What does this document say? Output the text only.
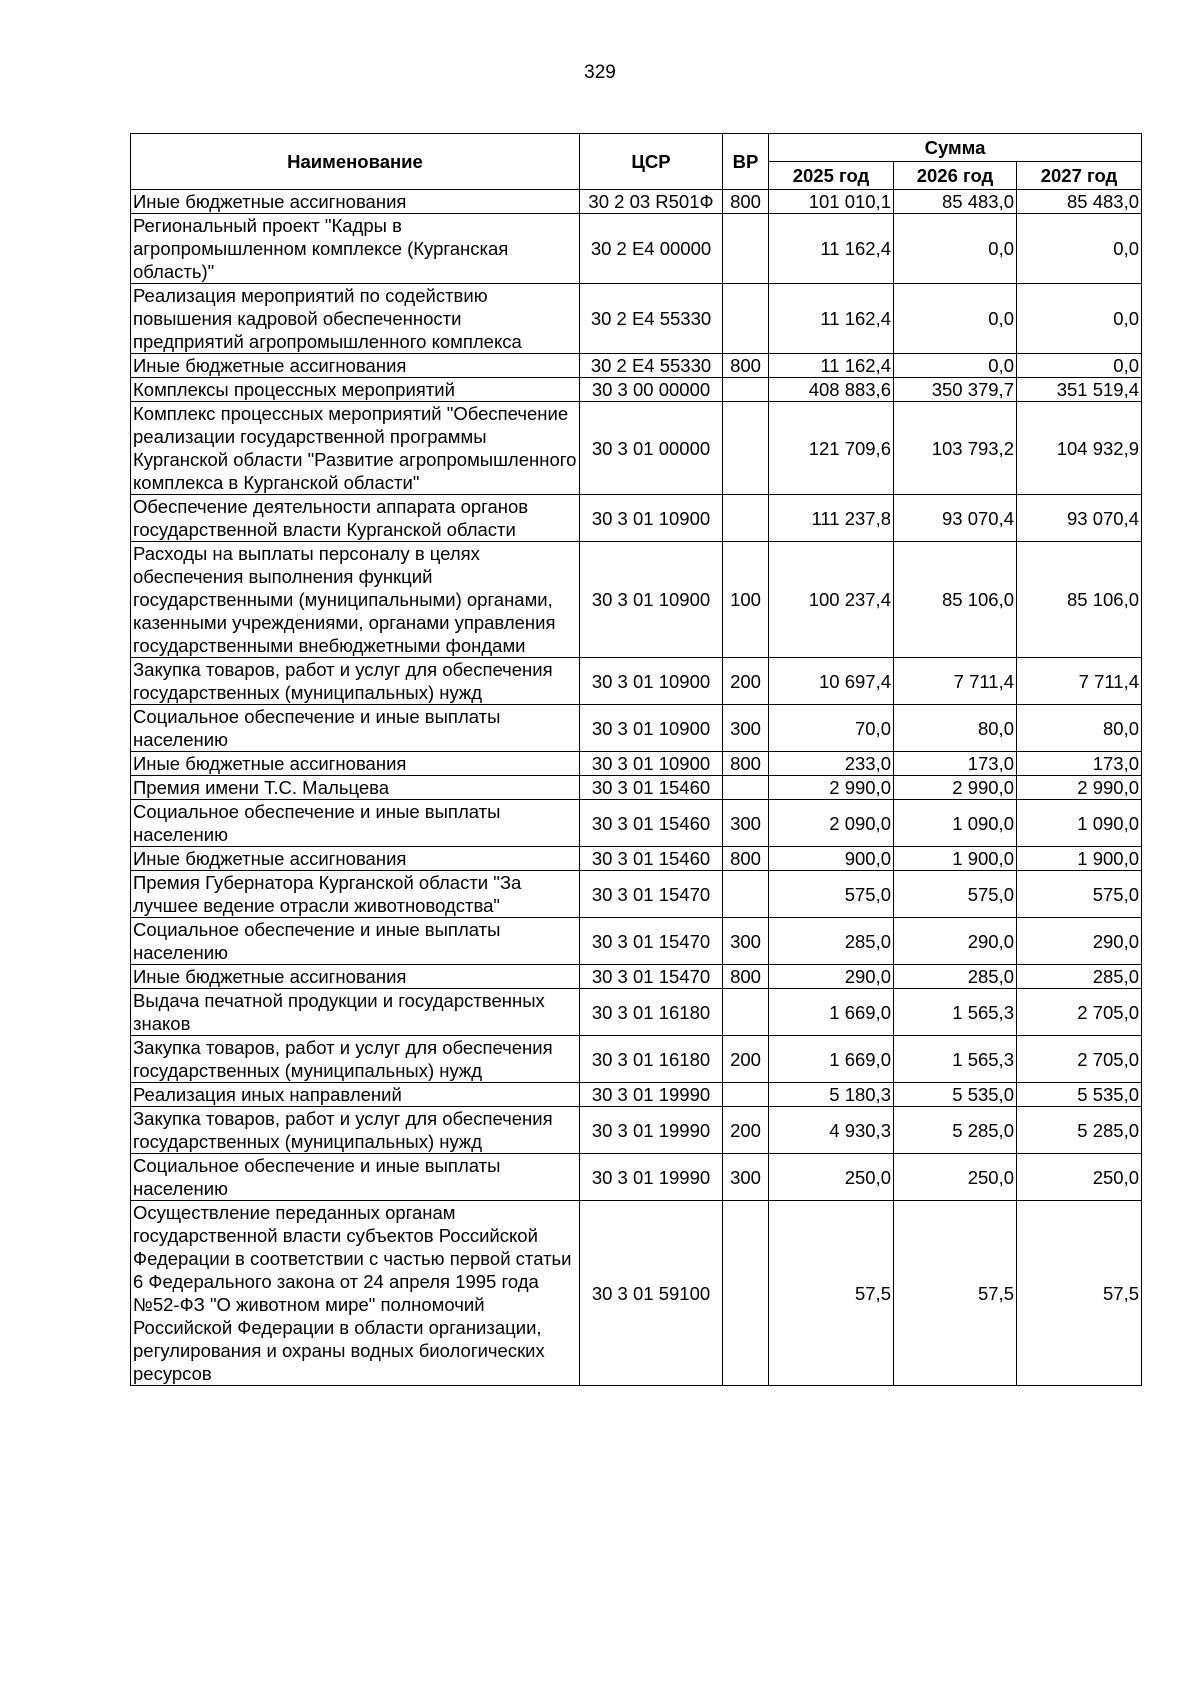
329
Наименование	ЦСР	ВР	Сумма		
			2025 год	2026 год	2027 год
Иные бюджетные ассигнования	30 2 03 R501Ф	800	101 010,1	85 483,0	85 483,0
Региональный проект "Кадры в агропромышленном комплексе (Курганская область)"	30 2 Е4 00000		11 162,4	0,0	0,0
Реализация мероприятий по содействию повышения кадровой обеспеченности предприятий агропромышленного комплекса	30 2 Е4 55330		11 162,4	0,0	0,0
Иные бюджетные ассигнования	30 2 Е4 55330	800	11 162,4	0,0	0,0
Комплексы процессных мероприятий	30 3 00 00000		408 883,6	350 379,7	351 519,4
Комплекс процессных мероприятий "Обеспечение реализации государственной программы Курганской области "Развитие агропромышленного комплекса в Курганской области"	30 3 01 00000		121 709,6	103 793,2	104 932,9
Обеспечение деятельности аппарата органов государственной власти Курганской области	30 3 01 10900		111 237,8	93 070,4	93 070,4
Расходы на выплаты персоналу в целях обеспечения выполнения функций государственными (муниципальными) органами, казенными учреждениями, органами управления государственными внебюджетными фондами	30 3 01 10900	100	100 237,4	85 106,0	85 106,0
Закупка товаров, работ и услуг для обеспечения государственных (муниципальных) нужд	30 3 01 10900	200	10 697,4	7 711,4	7 711,4
Социальное обеспечение и иные выплаты населению	30 3 01 10900	300	70,0	80,0	80,0
Иные бюджетные ассигнования	30 3 01 10900	800	233,0	173,0	173,0
Премия имени Т.С. Мальцева	30 3 01 15460		2 990,0	2 990,0	2 990,0
Социальное обеспечение и иные выплаты населению	30 3 01 15460	300	2 090,0	1 090,0	1 090,0
Иные бюджетные ассигнования	30 3 01 15460	800	900,0	1 900,0	1 900,0
Премия Губернатора Курганской области "За лучшее ведение отрасли животноводства"	30 3 01 15470		575,0	575,0	575,0
Социальное обеспечение и иные выплаты населению	30 3 01 15470	300	285,0	290,0	290,0
Иные бюджетные ассигнования	30 3 01 15470	800	290,0	285,0	285,0
Выдача печатной продукции и государственных знаков	30 3 01 16180		1 669,0	1 565,3	2 705,0
Закупка товаров, работ и услуг для обеспечения государственных (муниципальных) нужд	30 3 01 16180	200	1 669,0	1 565,3	2 705,0
Реализация иных направлений	30 3 01 19990		5 180,3	5 535,0	5 535,0
Закупка товаров, работ и услуг для обеспечения государственных (муниципальных) нужд	30 3 01 19990	200	4 930,3	5 285,0	5 285,0
Социальное обеспечение и иные выплаты населению	30 3 01 19990	300	250,0	250,0	250,0
Осуществление переданных органам государственной власти субъектов Российской Федерации в соответствии с частью первой статьи 6 Федерального закона от 24 апреля 1995 года №52-ФЗ "О животном мире" полномочий Российской Федерации в области организации, регулирования и охраны водных биологических ресурсов	30 3 01 59100		57,5	57,5	57,5
